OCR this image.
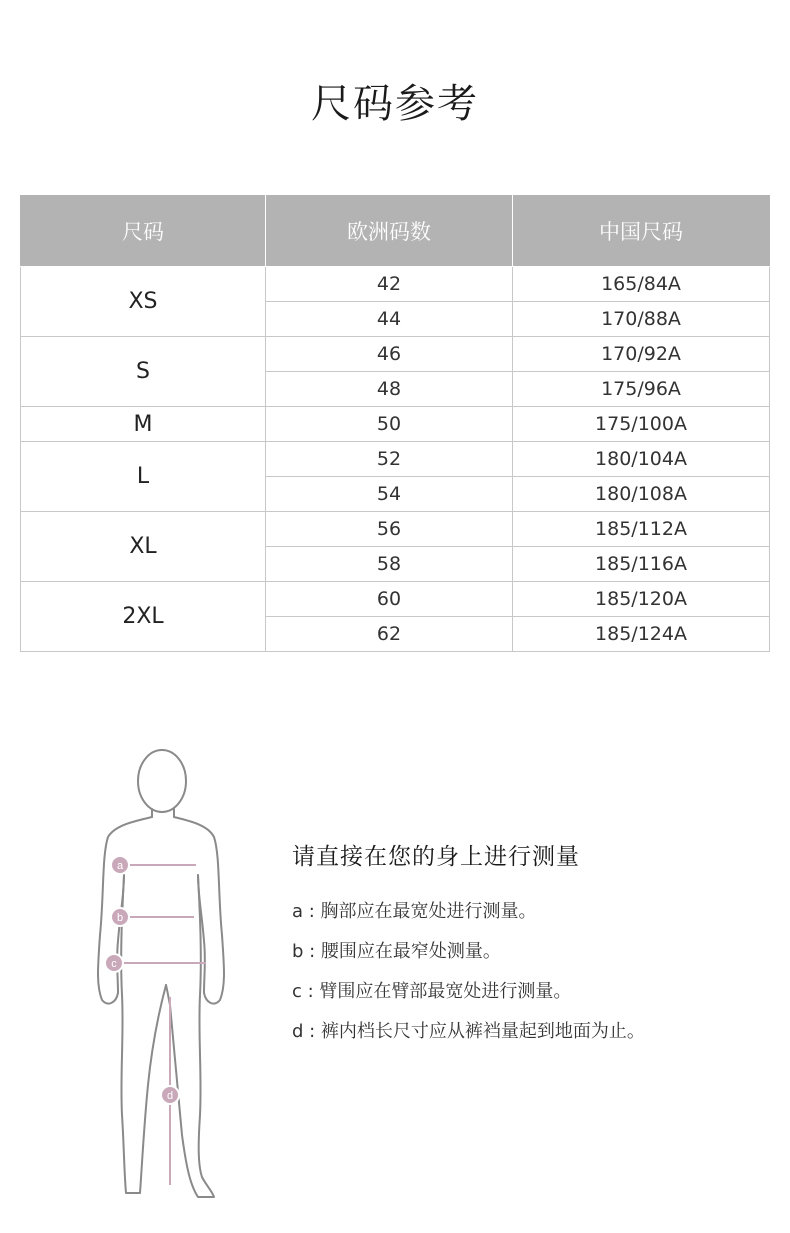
尺码参考
尺码	欧洲码数	中国尺码
XS	42	165/84A
	44	170/88A
S	46	170/92A
	48	175/96A
M	50	175/100A
L	52	180/104A
	54	180/108A
XL	56	185/112A
	58	185/116A
2XL	60	185/120A
	62	185/124A
a
b
c
d
请直接在您的身上进行测量

a : 胸部应在最宽处进行测量。

b : 腰围应在最窄处测量。

c : 臂围应在臂部最宽处进行测量。

d : 裤内档长尺寸应从裤裆量起到地面为止。
